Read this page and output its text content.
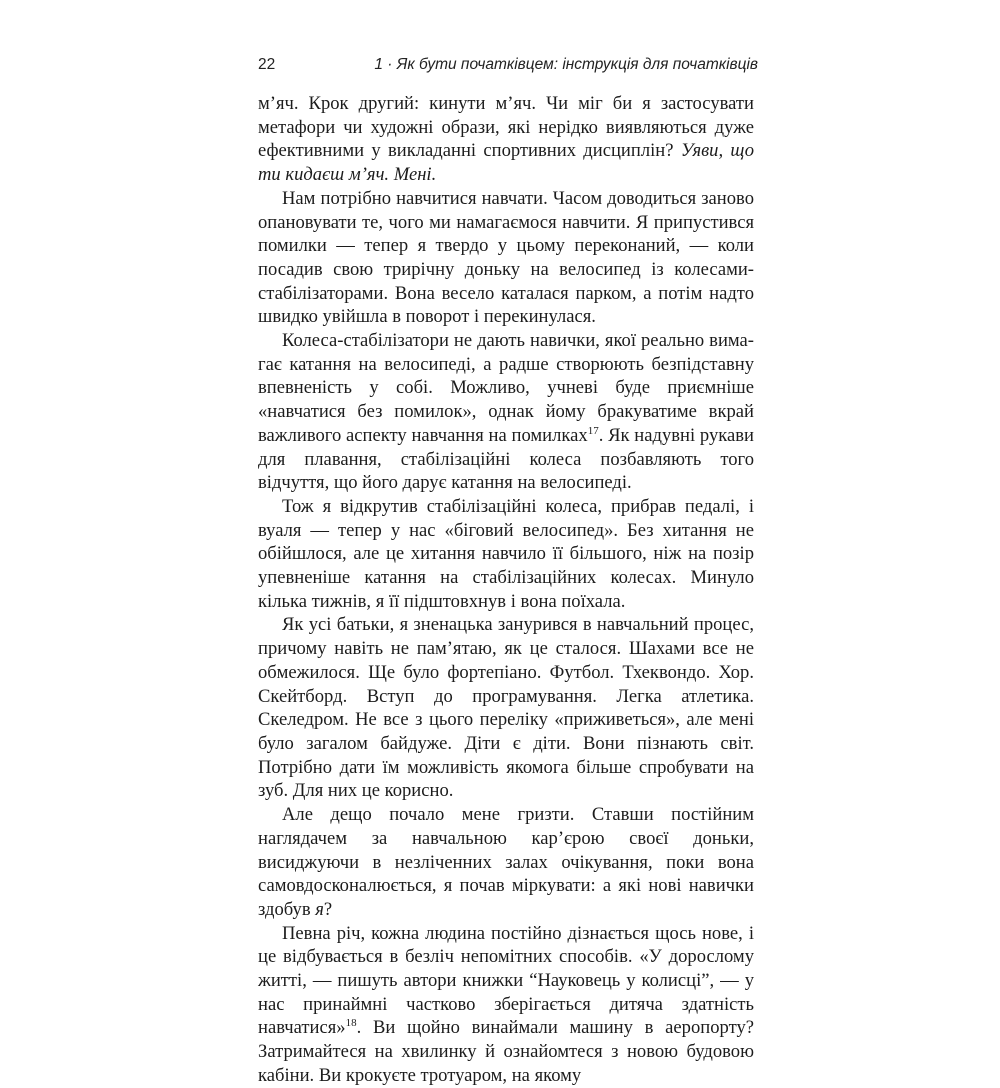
22	1 · Як бути початківцем: інструкція для початківців

м’яч. Крок другий: кинути м’яч. Чи міг би я застосувати метафори чи художні образи, які нерідко виявляються дуже ефективними у викладанні спортивних дисциплін? Уяви, що ти кидаєш м’яч. Мені.

Нам потрібно навчитися навчати. Часом доводиться заново опановувати те, чого ми намагаємося навчити. Я припустився помилки — тепер я твердо у цьому переконаний, — коли посадив свою трирічну доньку на велосипед із колесами-стабілізаторами. Вона весело каталася парком, а потім надто швидко увійшла в поворот і перекинулася.

Колеса-стабілізатори не дають навички, якої реально вимагає катання на велосипеді, а радше створюють безпідставну впевненість у собі. Можливо, учневі буде приємніше «навчатися без помилок», однак йому бракуватиме вкрай важливого аспекту навчання на помилках$^{17}$. Як надувні рукави для плавання, стабілізаційні колеса позбавляють того відчуття, що його дарує катання на велосипеді.

Тож я відкрутив стабілізаційні колеса, прибрав педалі, і вуаля — тепер у нас «біговий велосипед». Без хитання не обійшлося, але це хитання навчило її більшого, ніж на позір упевненіше катання на стабілізаційних колесах. Минуло кілька тижнів, я її підштовхнув і вона поїхала.

Як усі батьки, я зненацька занурився в навчальний процес, причому навіть не пам’ятаю, як це сталося. Шахами все не обмежилося. Ще було фортепіано. Футбол. Тхеквондо. Хор. Скейтборд. Вступ до програмування. Легка атлетика. Скеледром. Не все з цього переліку «приживеться», але мені було загалом байдуже. Діти є діти. Вони пізнають світ. Потрібно дати їм можливість якомога більше спробувати на зуб. Для них це корисно.

Але дещо почало мене гризти. Ставши постійним наглядачем за навчальною кар’єрою своєї доньки, висиджуючи в незліченних залах очікування, поки вона самовдосконалюється, я почав міркувати: а які нові навички здобув я?

Певна річ, кожна людина постійно дізнається щось нове, і це відбувається в безліч непомітних способів. «У дорослому житті, — пишуть автори книжки “Науковець у колисці”, — у нас принаймні частково зберігається дитяча здатність навчатися»$^{18}$. Ви щойно винаймали машину в аеропорту? Затримайтеся на хвилинку й ознайомтеся з новою будовою кабіни. Ви крокуєте тротуаром, на якому
